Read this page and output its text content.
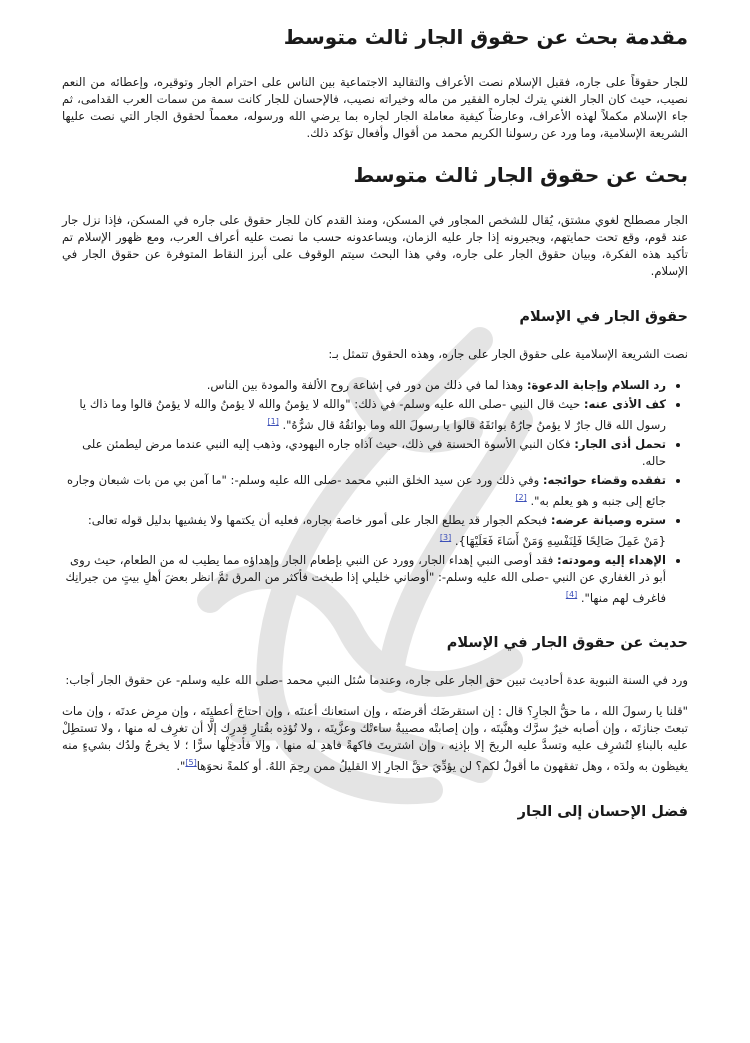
مقدمة بحث عن حقوق الجار ثالث متوسط

للجار حقوقاً على جاره، فقبل الإسلام نصت الأعراف والتقاليد الاجتماعية بين الناس على احترام الجار وتوقيره، وإعطائه من النعم نصيب، حيث كان الجار الغني يترك لجاره الفقير من ماله وخيراته نصيب، فالإحسان للجار كانت سمة من سمات العرب القدامى، ثم جاء الإسلام مكملاً لهذه الأعراف، وعارضاً كيفية معاملة الجار لجاره بما يرضي الله ورسوله، معمماً لحقوق الجار التي نصت عليها الشريعة الإسلامية، وما ورد عن رسولنا الكريم محمد من أقوال وأفعال تؤكد ذلك.

بحث عن حقوق الجار ثالث متوسط

الجار مصطلح لغوي مشتق، يُقال للشخص المجاور في المسكن، ومنذ القدم كان للجار حقوق على جاره في المسكن، فإذا نزل جار عند قوم، وقع تحت حمايتهم، ويجيرونه إذا جار عليه الزمان، ويساعدونه حسب ما نصت عليه أعراف العرب، ومع ظهور الإسلام تم تأكيد هذه الفكرة، وبيان حقوق الجار على جاره، وفي هذا البحث سيتم الوقوف على أبرز النقاط المتوفرة عن حقوق الجار في الإسلام.

حقوق الجار في الإسلام

نصت الشريعة الإسلامية على حقوق الجار على جاره، وهذه الحقوق تتمثل بـ:

• رد السلام وإجابة الدعوة: وهذا لما في ذلك من دور في إشاعة روح الألفة والمودة بين الناس.
• كف الأذى عنه: حيث قال النبي -صلى الله عليه وسلم- في ذلك: "والله لا يؤمنُ والله لا يؤمنُ والله لا يؤمنُ قالوا وما ذاك يا رسول الله قال جارٌ لا يؤمنُ جارُهُ بوائقَهُ قالوا يا رسولَ الله وما بوائقُهُ قال شرُّهُ". [1]
• تحمل أذى الجار: فكان النبي الأسوة الحسنة في ذلك، حيث آذاه جاره اليهودي، وذهب إليه النبي عندما مرض ليطمئن على حاله.
• تفقده وقضاء حوائجه: وفي ذلك ورد عن سيد الخلق النبي محمد -صلى الله عليه وسلم-: "ما آمن بي من بات شبعان وجاره جائع إلى جنبه و هو يعلم به". [2]
• ستره وصيانة عرضه: فبحكم الجوار قد يطلع الجار على أمور خاصة بجاره، فعليه أن يكتمها ولا يفشيها بدليل قوله تعالى: {مَنْ عَمِلَ صَالِحًا فَلِنَفْسِهِ وَمَنْ أَسَاءَ فَعَلَيْهَا}. [3]
• الإهداء إليه ومودته: فقد أوصى النبي إهداء الجار، وورد عن النبي بإطعام الجار وإهداؤه مما يطيب له من الطعام، حيث روى أبو ذر الغفاري عن النبي -صلى الله عليه وسلم-: "أوصاني خليلي إذا طبخت فأكثر من المرق ثمَّ انظر بعضَ أهلِ بيتٍ من جيرانِك فاغرف لهم منها". [4]
حديث عن حقوق الجار في الإسلام

ورد في السنة النبوية عدة أحاديث تبين حق الجار على جاره، وعندما سُئل النبي محمد -صلى الله عليه وسلم- عن حقوق الجار أجاب:

"قلنا يا رسولَ الله ، ما حقُّ الجارِ؟ قال : إن استقرضَك أقرضتَه ، وإن استعانك أعنتَه ، وإن احتاجَ أعطيتَه ، وإن مرِض عدتَه ، وإن مات تبعتَ جنازتَه ، وإن أصابه خيرٌ سرَّك وهنَّيتَه ، وإن إصابتْه مصيبةٌ ساءتْك وعزَّيتَه ، ولا تُؤذِه بقُتارِ قِدرِك إلَّا أن تغرِف له منها ، ولا تستطِلْ عليه بالبناءِ لتُشرِف عليه وتسدَّ عليه الريحَ إلا بإذنِه ، وإن اشتريتَ فاكهةً فاهدِ له منها ، وإلا فأدخِلْها سرًّا ؛ لا يخرجُ ولدُك بشيءٍ منه يغيظون به ولدَه ، وهل تفقهون ما أقولُ لكم؟ لن يؤدِّيَ حقَّ الجارِ إلا القليلُ ممن رحِمَ اللهُ. أو كلمةً نحوَها[5]".

فضل الإحسان إلى الجار
